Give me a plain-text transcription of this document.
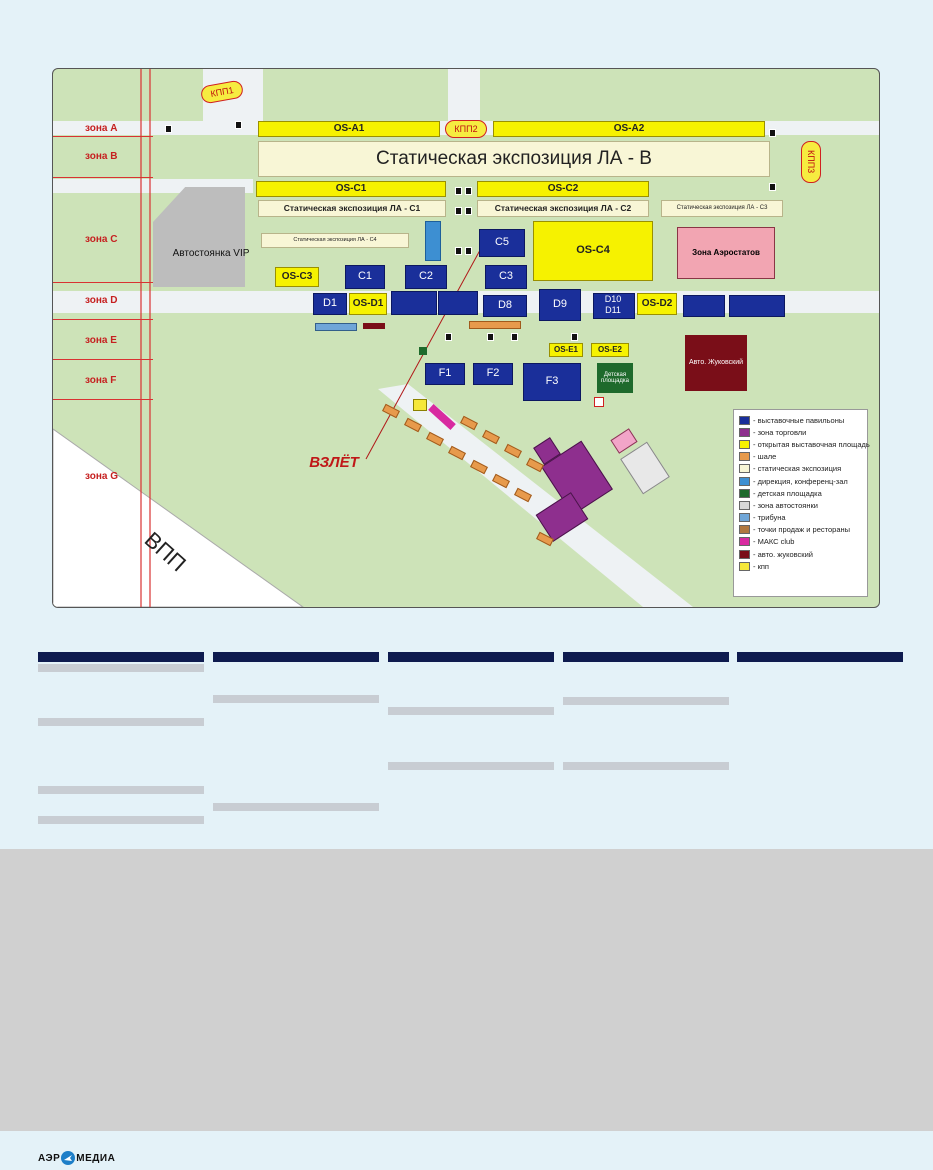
зона А
зона В
зона С
зона D
зона E
зона F
зона G
КПП1
КПП2
КПП3
OS-A1	OS-A2
Статическая экспозиция ЛА - В
OS-C1	OS-C2
Статическая экспозиция ЛА - С1	Статическая экспозиция ЛА - С2	Статическая экспозиция ЛА - С3
Статическая экспозиция ЛА - С4
Автостоянка VIP
C5
OS-C4	Зона Аэростатов
OS-C3	C1	C2	C3
D1	OS-D1	D8	D9	D10
D11
OS-D2
OS-E1	OS-E2
Авто. Жуковский
F1	F2
F3
Детская площадка
ВПП
ВЗЛЁТ
- выставочные павильоны
- зона торговли
- открытая выставочная площадь
- шале
- статическая экспозиция
- дирекция, конференц-зал
- детская площадка
- зона автостоянки
- трибуна
- точки продаж и рестораны
- МАКС club
- авто. жуковский
- кпп
АЭР МЕДИА
